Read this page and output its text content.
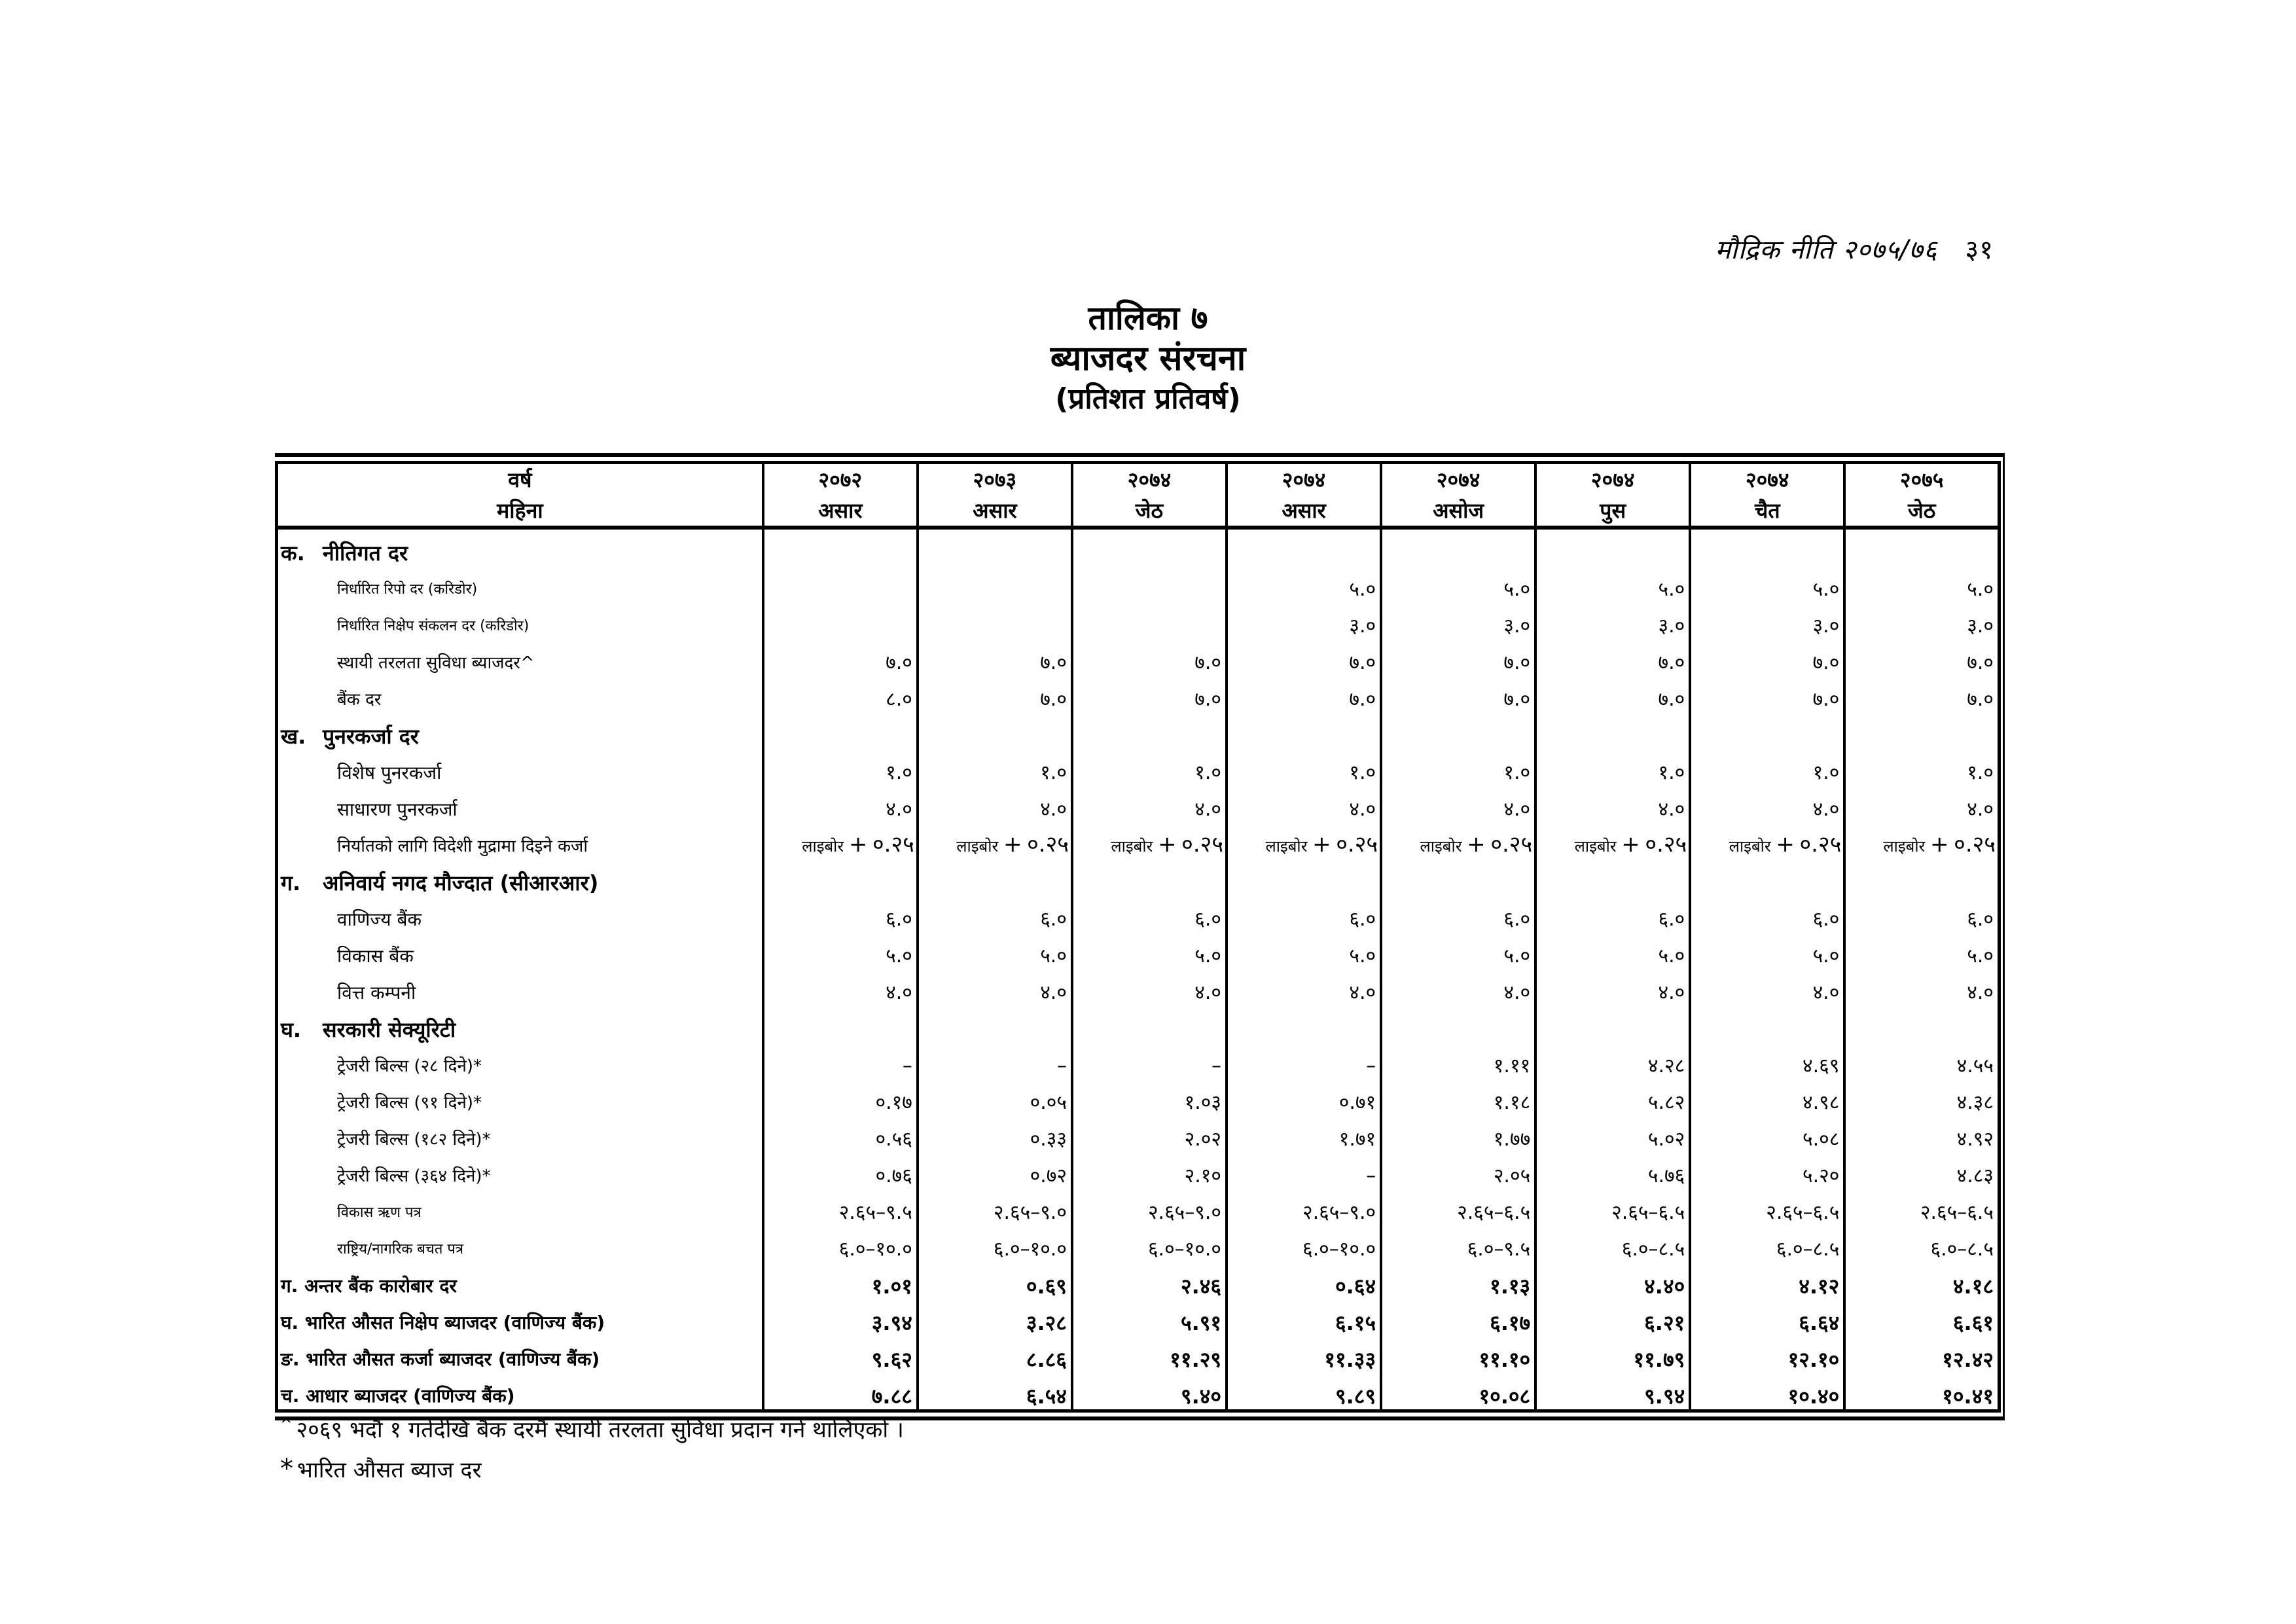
मौद्रिक नीति २०७५/७६ ३१
तालिका ७
ब्याजदर संरचना
(प्रतिशत प्रतिवर्ष)
वर्ष	२०७२	२०७३	२०७४	२०७४	२०७४	२०७४	२०७४	२०७५
महिना	असार	असार	जेठ	असार	असोज	पुस	चैत	जेठ
क. नीतिगत दर								
निर्धारित रिपो दर (करिडोर)				५.०	५.०	५.०	५.०	५.०
निर्धारित निक्षेप संकलन दर (करिडोर)				३.०	३.०	३.०	३.०	३.०
स्थायी तरलता सुविधा ब्याजदर^	७.०	७.०	७.०	७.०	७.०	७.०	७.०	७.०
बैंक दर	८.०	७.०	७.०	७.०	७.०	७.०	७.०	७.०
ख. पुनरकर्जा दर								
विशेष पुनरकर्जा	१.०	१.०	१.०	१.०	१.०	१.०	१.०	१.०
साधारण पुनरकर्जा	४.०	४.०	४.०	४.०	४.०	४.०	४.०	४.०
निर्यातको लागि विदेशी मुद्रामा दिइने कर्जा	लाइबोर + ०.२५	लाइबोर + ०.२५	लाइबोर + ०.२५	लाइबोर + ०.२५	लाइबोर + ०.२५	लाइबोर + ०.२५	लाइबोर + ०.२५	लाइबोर + ०.२५
ग. अनिवार्य नगद मौज्दात (सीआरआर)								
वाणिज्य बैंक	६.०	६.०	६.०	६.०	६.०	६.०	६.०	६.०
विकास बैंक	५.०	५.०	५.०	५.०	५.०	५.०	५.०	५.०
वित्त कम्पनी	४.०	४.०	४.०	४.०	४.०	४.०	४.०	४.०
घ. सरकारी सेक्यूरिटी								
ट्रेजरी बिल्स (२८ दिने)*	–	–	–	–	१.११	४.२८	४.६९	४.५५
ट्रेजरी बिल्स (९१ दिने)*	०.१७	०.०५	१.०३	०.७१	१.१८	५.८२	४.९८	४.३८
ट्रेजरी बिल्स (१८२ दिने)*	०.५६	०.३३	२.०२	१.७१	१.७७	५.०२	५.०८	४.९२
ट्रेजरी बिल्स (३६४ दिने)*	०.७६	०.७२	२.१०	–	२.०५	५.७६	५.२०	४.८३
विकास ऋण पत्र	२.६५–९.५	२.६५–९.०	२.६५–९.०	२.६५–९.०	२.६५–६.५	२.६५–६.५	२.६५–६.५	२.६५–६.५
राष्ट्रिय/नागरिक बचत पत्र	६.०–१०.०	६.०–१०.०	६.०–१०.०	६.०–१०.०	६.०–९.५	६.०–८.५	६.०–८.५	६.०–८.५
ग. अन्तर बैंक कारोबार दर	१.०१	०.६९	२.४६	०.६४	१.१३	४.४०	४.१२	४.१८
घ. भारित औसत निक्षेप ब्याजदर (वाणिज्य बैंक)	३.९४	३.२८	५.९१	६.१५	६.१७	६.२१	६.६४	६.६१
ङ. भारित औसत कर्जा ब्याजदर (वाणिज्य बैंक)	९.६२	८.८६	११.२९	११.३३	११.१०	११.७९	१२.१०	१२.४२
च. आधार ब्याजदर (वाणिज्य बैंक)	७.८८	६.५४	९.४०	९.८९	१०.०८	९.९४	१०.४०	१०.४१
^ २०६९ भदौ १ गतेदेखि बैंक दरमै स्थायी तरलता सुविधा प्रदान गर्न थालिएको ।
* भारित औसत ब्याज दर
